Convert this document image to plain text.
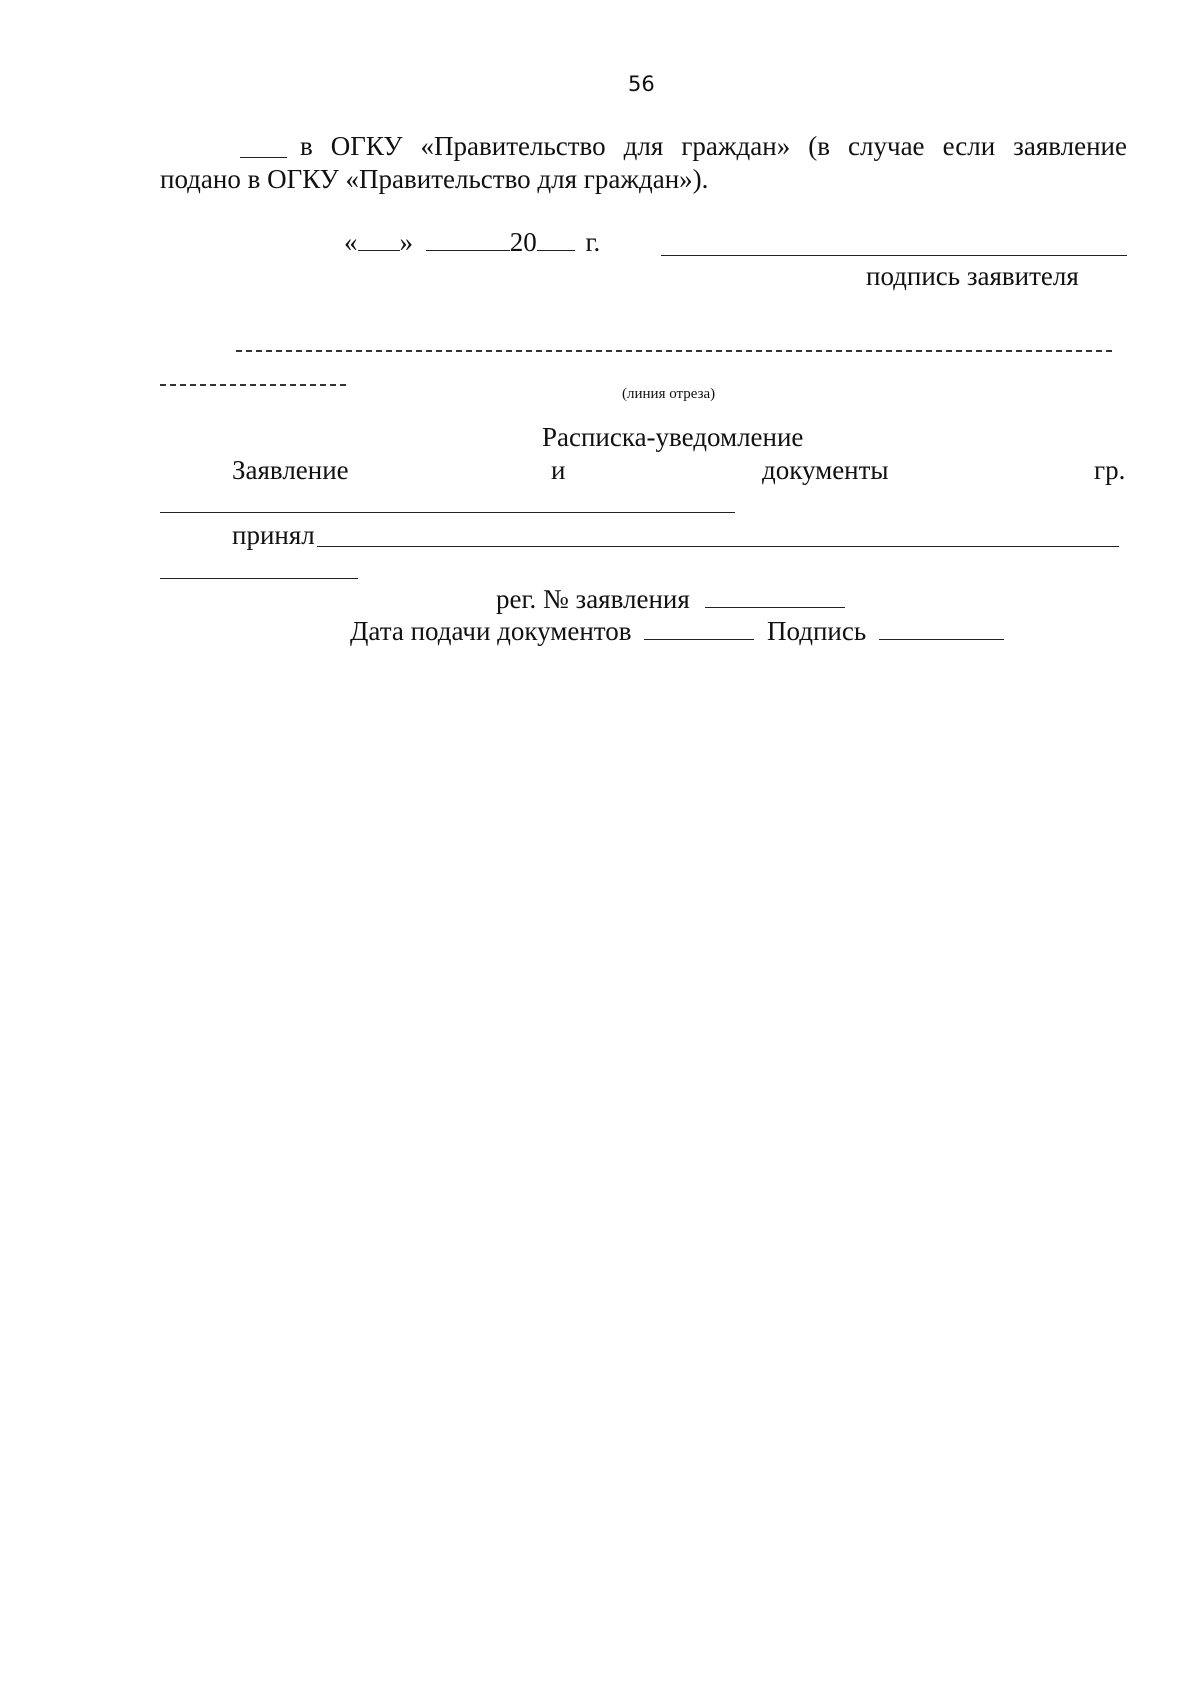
56
в ОГКУ «Правительство для граждан» (в случае если заявление
подано в ОГКУ «Правительство для граждан»).
« »	20 г.
подпись заявителя
(линия отреза)
Расписка-уведомление
Заявление	и	документы	гр.
принял
рег. № заявления
Дата подачи документов	Подпись
